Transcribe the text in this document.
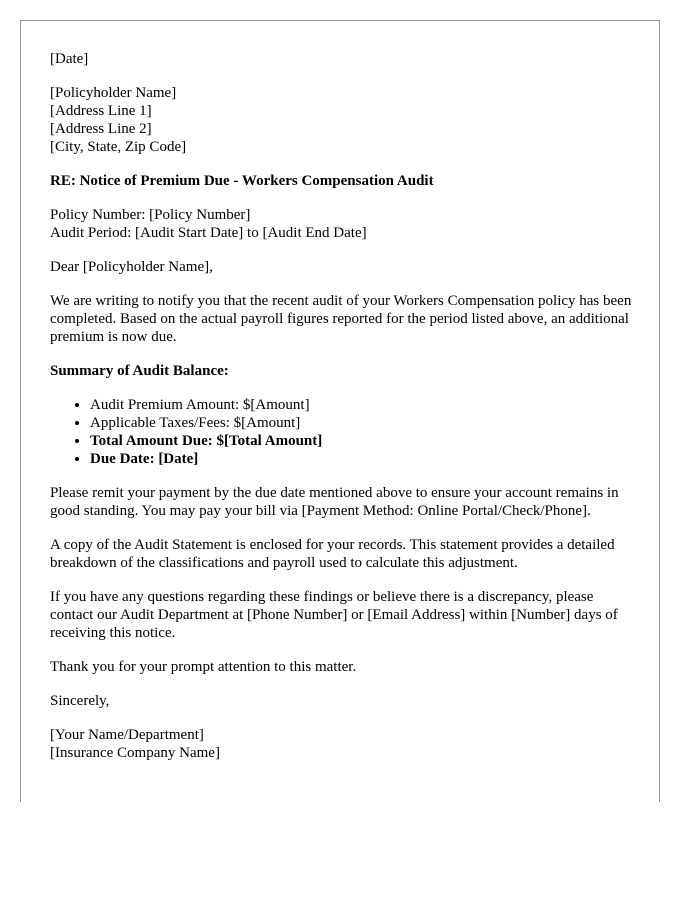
[Date]

[Policyholder Name]
[Address Line 1]
[Address Line 2]
[City, State, Zip Code]

RE: Notice of Premium Due - Workers Compensation Audit

Policy Number: [Policy Number]
Audit Period: [Audit Start Date] to [Audit End Date]

Dear [Policyholder Name],

We are writing to notify you that the recent audit of your Workers Compensation policy has been completed. Based on the actual payroll figures reported for the period listed above, an additional premium is now due.

Summary of Audit Balance:

• Audit Premium Amount: $[Amount]
• Applicable Taxes/Fees: $[Amount]
• Total Amount Due: $[Total Amount]
• Due Date: [Date]

Please remit your payment by the due date mentioned above to ensure your account remains in good standing. You may pay your bill via [Payment Method: Online Portal/Check/Phone].

A copy of the Audit Statement is enclosed for your records. This statement provides a detailed breakdown of the classifications and payroll used to calculate this adjustment.

If you have any questions regarding these findings or believe there is a discrepancy, please contact our Audit Department at [Phone Number] or [Email Address] within [Number] days of receiving this notice.

Thank you for your prompt attention to this matter.

Sincerely,

[Your Name/Department]
[Insurance Company Name]
